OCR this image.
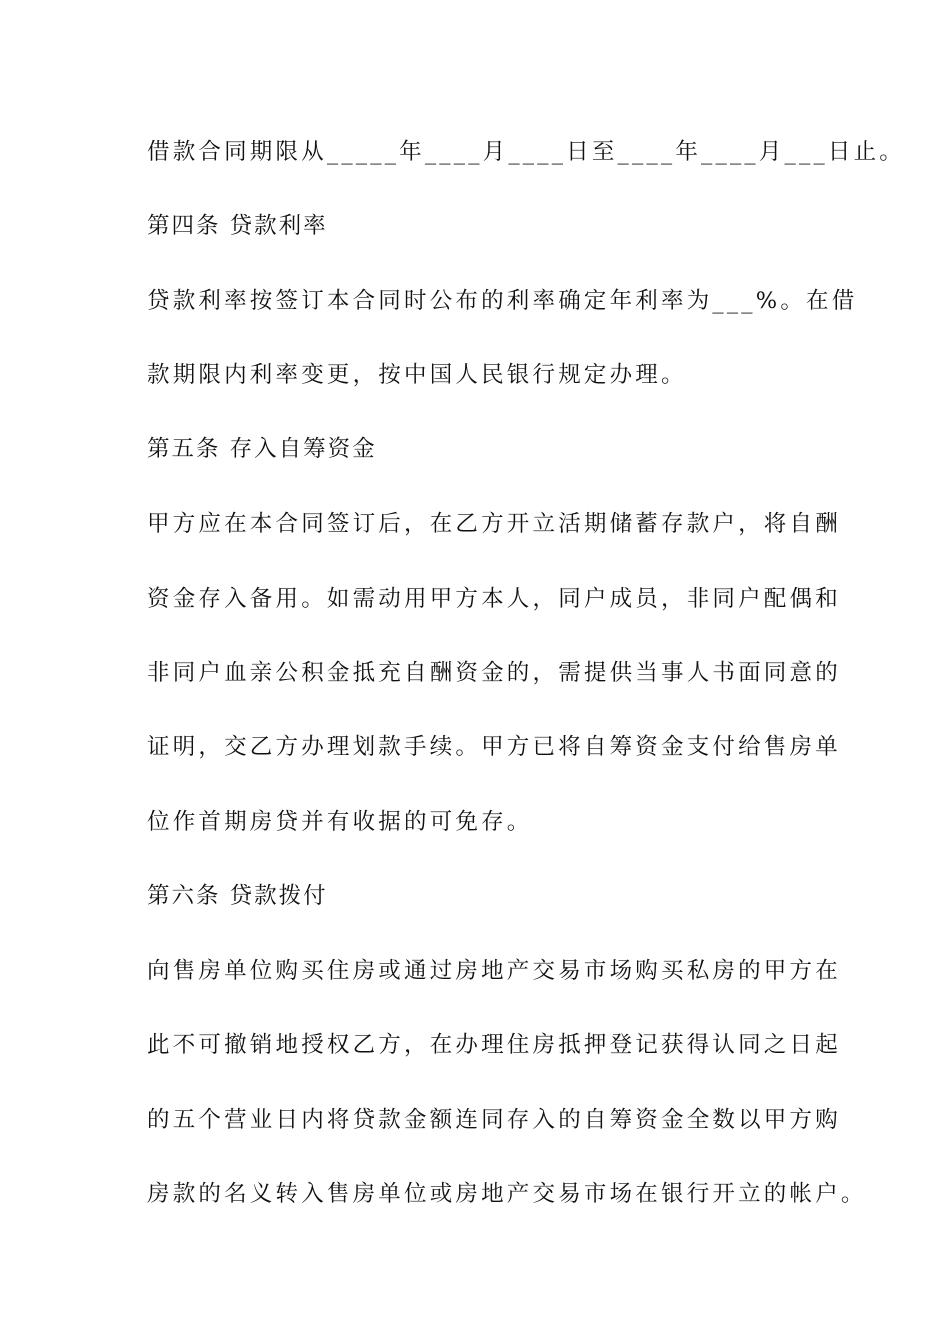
借款合同期限从_____年____月____日至____年____月___日止。
第四条 贷款利率
贷款利率按签订本合同时公布的利率确定年利率为___%。在借
款期限内利率变更，按中国人民银行规定办理。
第五条 存入自筹资金
甲方应在本合同签订后，在乙方开立活期储蓄存款户，将自酬
资金存入备用。如需动用甲方本人，同户成员，非同户配偶和
非同户血亲公积金抵充自酬资金的，需提供当事人书面同意的
证明，交乙方办理划款手续。甲方已将自筹资金支付给售房单
位作首期房贷并有收据的可免存。
第六条 贷款拨付
向售房单位购买住房或通过房地产交易市场购买私房的甲方在
此不可撤销地授权乙方，在办理住房抵押登记获得认同之日起
的五个营业日内将贷款金额连同存入的自筹资金全数以甲方购
房款的名义转入售房单位或房地产交易市场在银行开立的帐户。
